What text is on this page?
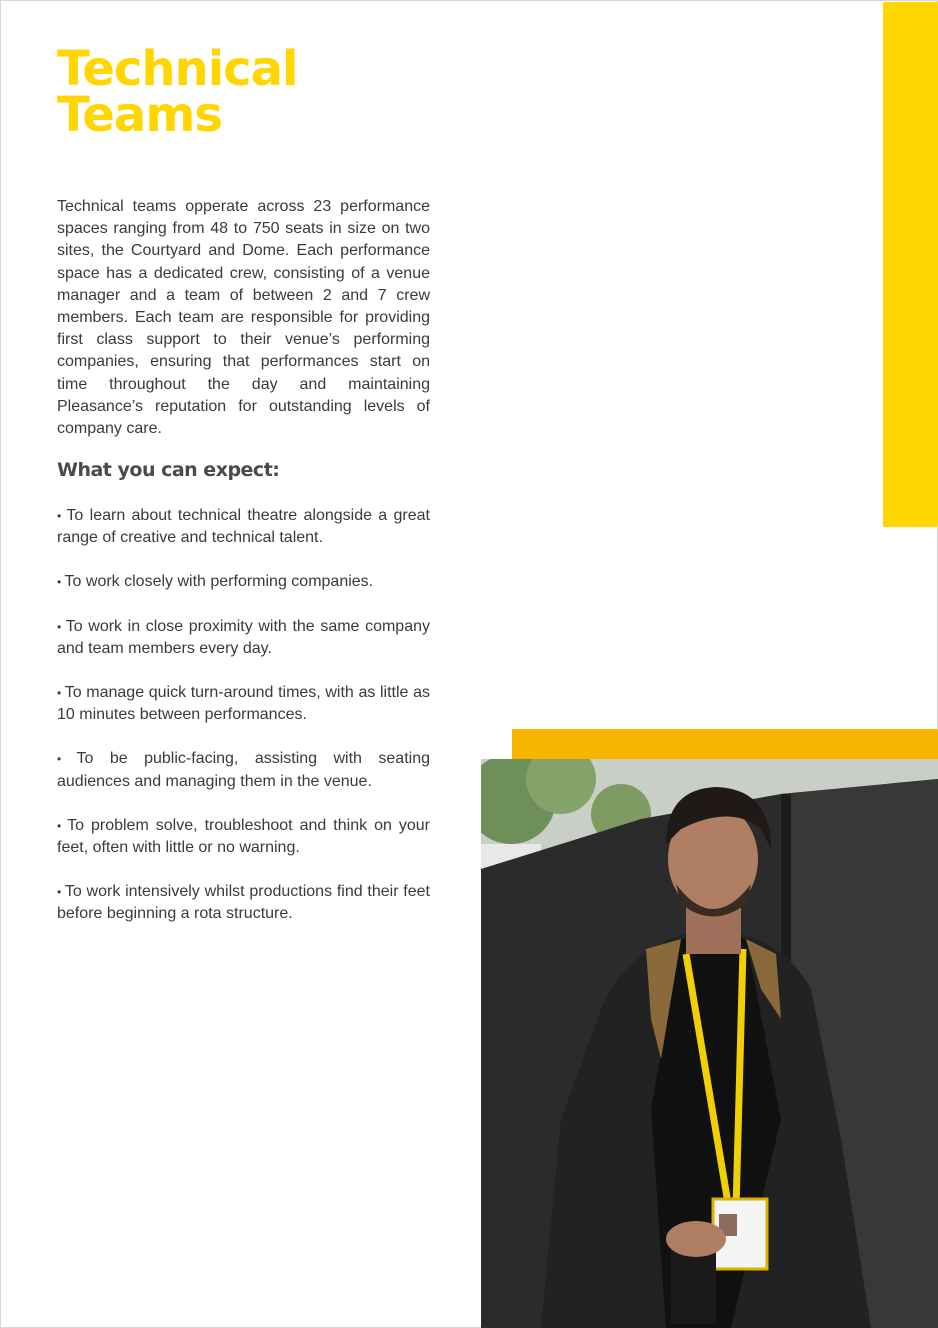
Technical
Teams

Technical teams opperate across 23 performance spaces ranging from 48 to 750 seats in size on two sites, the Courtyard and Dome. Each performance space has a dedicated crew, consisting of a venue manager and a team of between 2 and 7 crew members. Each team are responsible for providing first class support to their venue’s performing companies, ensuring that performances start on time throughout the day and maintaining Pleasance’s reputation for outstanding levels of company care.

What you can expect:
• To learn about technical theatre alongside a great range of creative and technical talent.
• To work closely with performing companies.
• To work in close proximity with the same company and team members every day.
• To manage quick turn-around times, with as little as 10 minutes between performances.
• To be public-facing, assisting with seating audiences and managing them in the venue.
• To problem solve, troubleshoot and think on your feet, often with little or no warning.
• To work intensively whilst productions find their feet before beginning a rota structure.
